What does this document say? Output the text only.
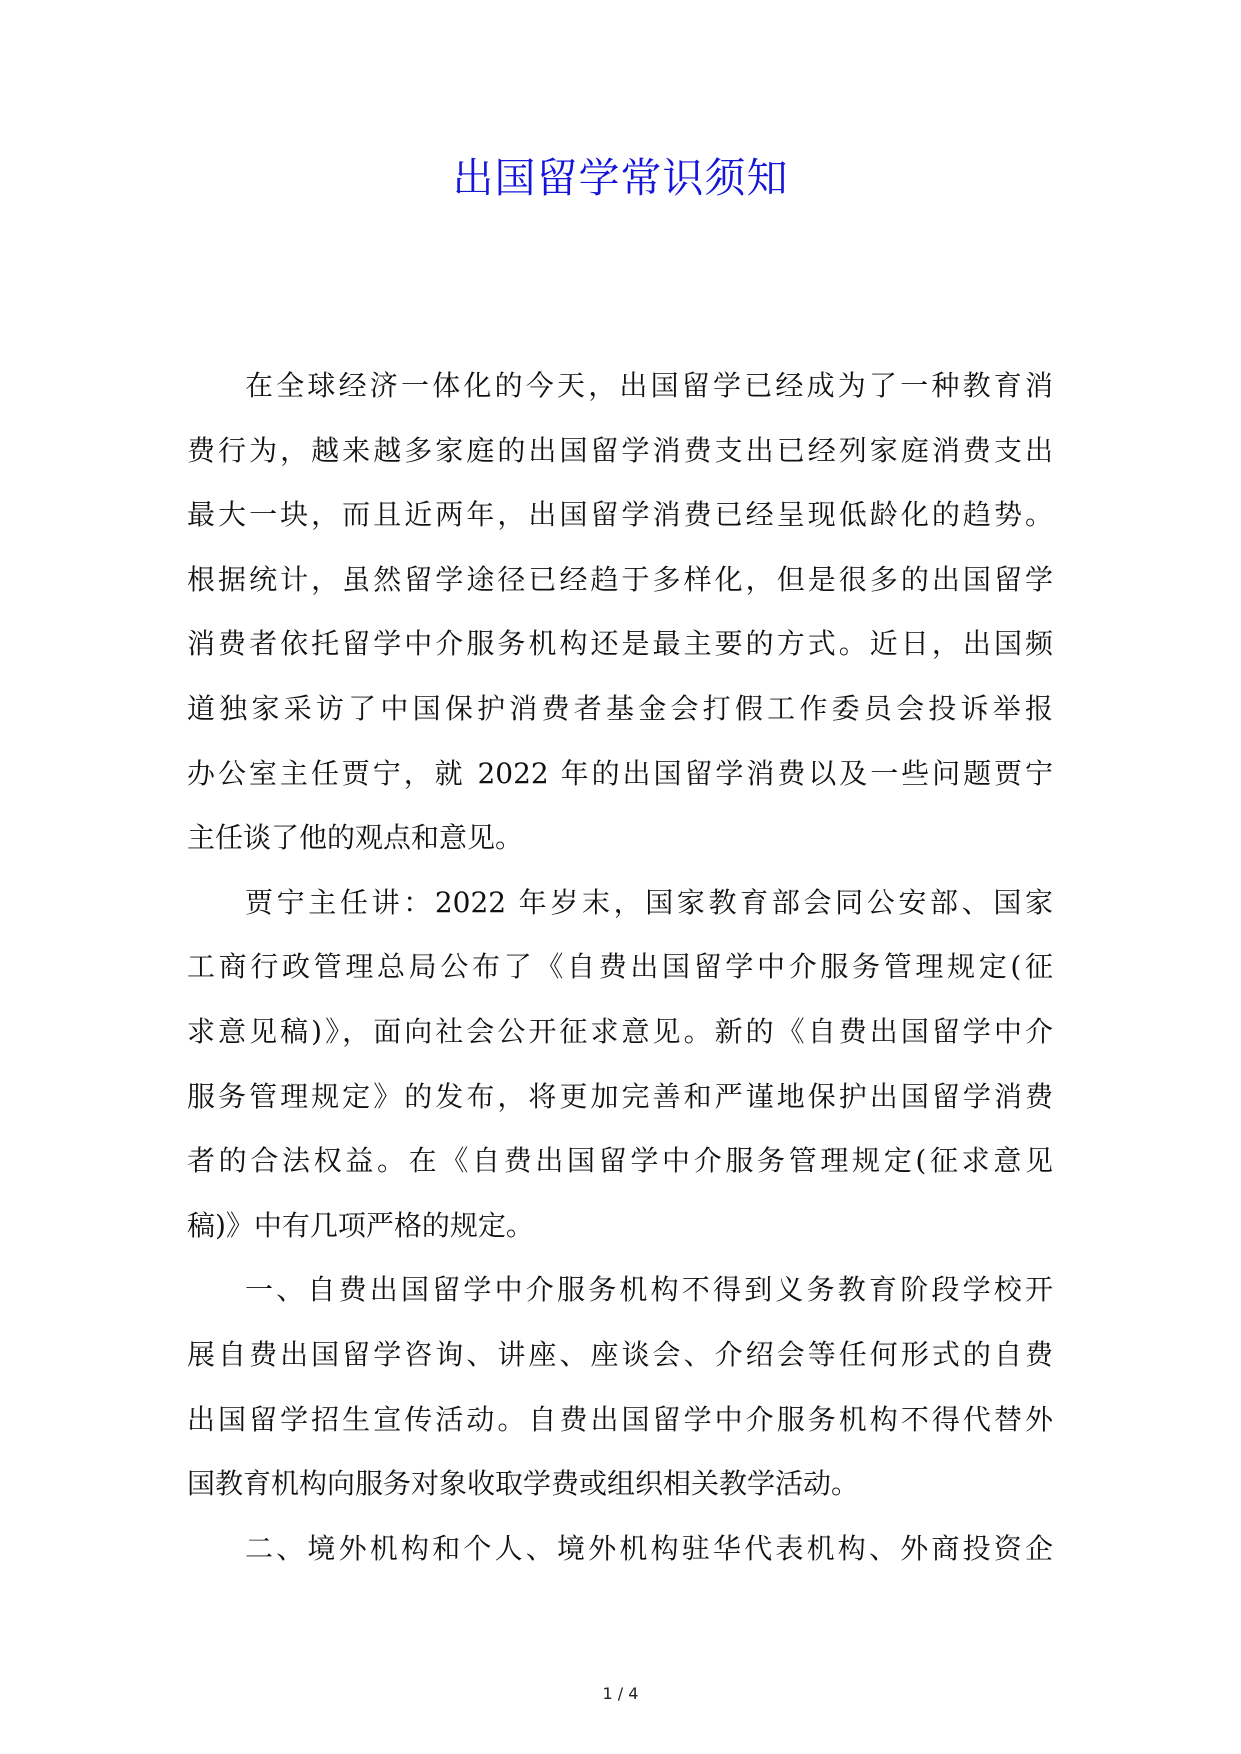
出国留学常识须知
在全球经济一体化的今天，出国留学已经成为了一种教育消
费行为，越来越多家庭的出国留学消费支出已经列家庭消费支出
最大一块，而且近两年，出国留学消费已经呈现低龄化的趋势。
根据统计，虽然留学途径已经趋于多样化，但是很多的出国留学
消费者依托留学中介服务机构还是最主要的方式。近日，出国频
道独家采访了中国保护消费者基金会打假工作委员会投诉举报
办公室主任贾宁，就 2022 年的出国留学消费以及一些问题贾宁
主任谈了他的观点和意见。
贾宁主任讲：2022 年岁末，国家教育部会同公安部、国家
工商行政管理总局公布了《自费出国留学中介服务管理规定(征
求意见稿)》，面向社会公开征求意见。新的《自费出国留学中介
服务管理规定》的发布，将更加完善和严谨地保护出国留学消费
者的合法权益。在《自费出国留学中介服务管理规定(征求意见
稿)》中有几项严格的规定。
一、自费出国留学中介服务机构不得到义务教育阶段学校开
展自费出国留学咨询、讲座、座谈会、介绍会等任何形式的自费
出国留学招生宣传活动。自费出国留学中介服务机构不得代替外
国教育机构向服务对象收取学费或组织相关教学活动。
二、境外机构和个人、境外机构驻华代表机构、外商投资企
1 / 4
